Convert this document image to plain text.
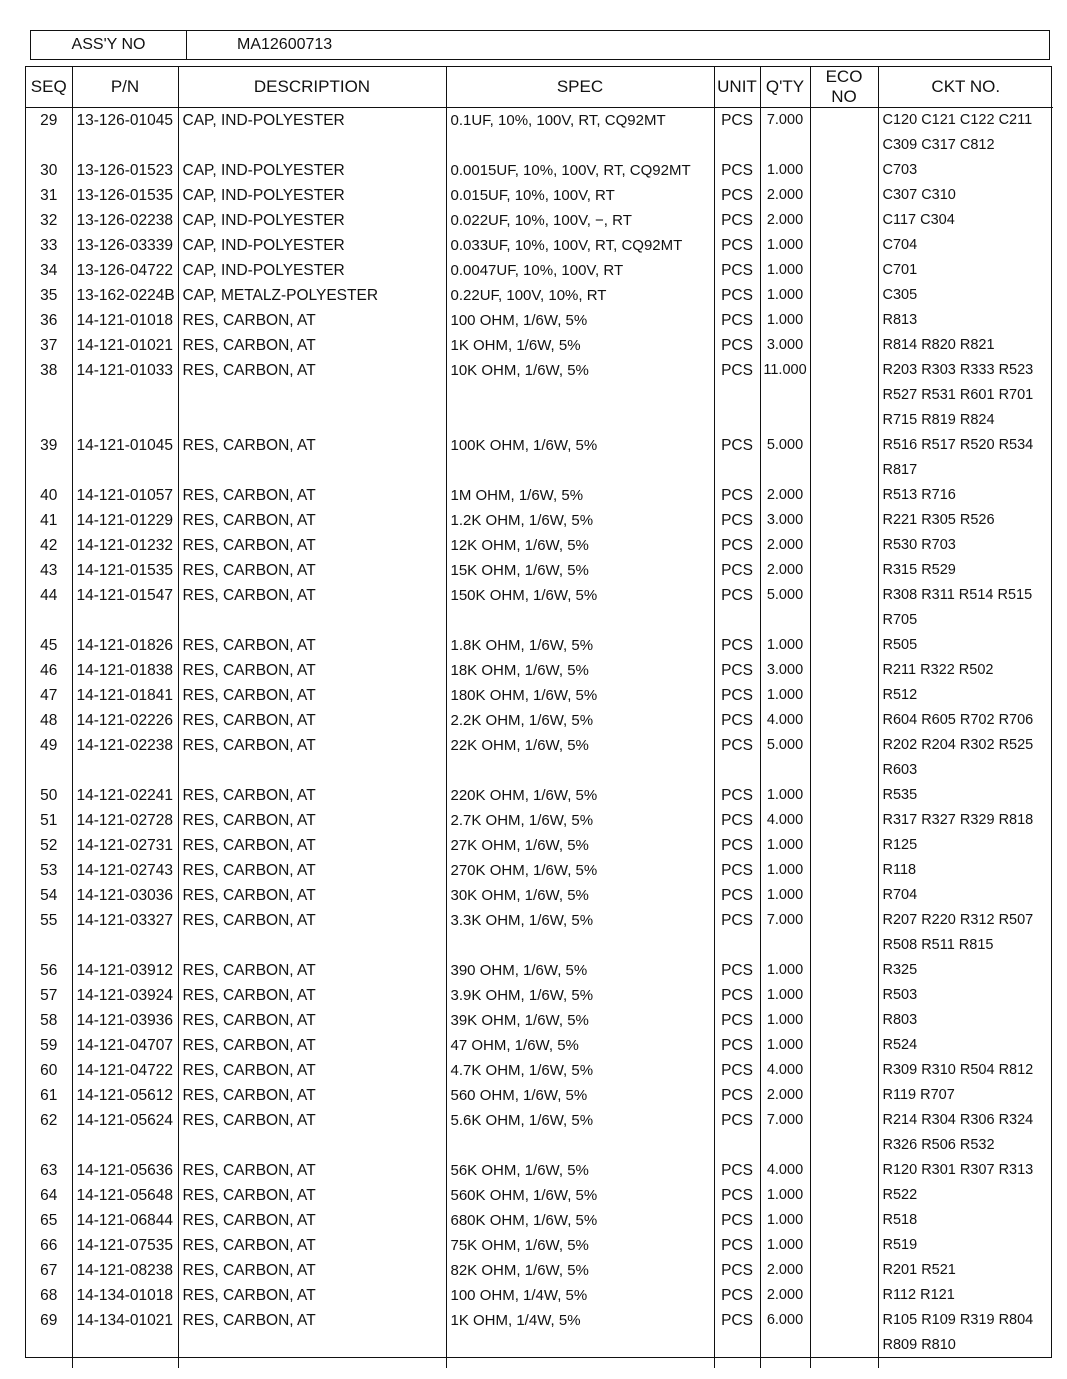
ASS'Y NO	MA12600713
SEQ	P/N	DESCRIPTION	SPEC	UNIT	Q'TY	ECO NO	CKT NO.
29	13-126-01045	CAP, IND-POLYESTER	0.1UF, 10%, 100V, RT, CQ92MT	PCS	7.000		C120 C121 C122 C211
							C309 C317 C812
30	13-126-01523	CAP, IND-POLYESTER	0.0015UF, 10%, 100V, RT, CQ92MT	PCS	1.000		C703
31	13-126-01535	CAP, IND-POLYESTER	0.015UF, 10%, 100V, RT	PCS	2.000		C307 C310
32	13-126-02238	CAP, IND-POLYESTER	0.022UF, 10%, 100V, −, RT	PCS	2.000		C117 C304
33	13-126-03339	CAP, IND-POLYESTER	0.033UF, 10%, 100V, RT, CQ92MT	PCS	1.000		C704
34	13-126-04722	CAP, IND-POLYESTER	0.0047UF, 10%, 100V, RT	PCS	1.000		C701
35	13-162-0224B	CAP, METALZ-POLYESTER	0.22UF, 100V, 10%, RT	PCS	1.000		C305
36	14-121-01018	RES, CARBON, AT	100 OHM, 1/6W, 5%	PCS	1.000		R813
37	14-121-01021	RES, CARBON, AT	1K OHM, 1/6W, 5%	PCS	3.000		R814 R820 R821
38	14-121-01033	RES, CARBON, AT	10K OHM, 1/6W, 5%	PCS	11.000		R203 R303 R333 R523
							R527 R531 R601 R701
							R715 R819 R824
39	14-121-01045	RES, CARBON, AT	100K OHM, 1/6W, 5%	PCS	5.000		R516 R517 R520 R534
							R817
40	14-121-01057	RES, CARBON, AT	1M OHM, 1/6W, 5%	PCS	2.000		R513 R716
41	14-121-01229	RES, CARBON, AT	1.2K OHM, 1/6W, 5%	PCS	3.000		R221 R305 R526
42	14-121-01232	RES, CARBON, AT	12K OHM, 1/6W, 5%	PCS	2.000		R530 R703
43	14-121-01535	RES, CARBON, AT	15K OHM, 1/6W, 5%	PCS	2.000		R315 R529
44	14-121-01547	RES, CARBON, AT	150K OHM, 1/6W, 5%	PCS	5.000		R308 R311 R514 R515
							R705
45	14-121-01826	RES, CARBON, AT	1.8K OHM, 1/6W, 5%	PCS	1.000		R505
46	14-121-01838	RES, CARBON, AT	18K OHM, 1/6W, 5%	PCS	3.000		R211 R322 R502
47	14-121-01841	RES, CARBON, AT	180K OHM, 1/6W, 5%	PCS	1.000		R512
48	14-121-02226	RES, CARBON, AT	2.2K OHM, 1/6W, 5%	PCS	4.000		R604 R605 R702 R706
49	14-121-02238	RES, CARBON, AT	22K OHM, 1/6W, 5%	PCS	5.000		R202 R204 R302 R525
							R603
50	14-121-02241	RES, CARBON, AT	220K OHM, 1/6W, 5%	PCS	1.000		R535
51	14-121-02728	RES, CARBON, AT	2.7K OHM, 1/6W, 5%	PCS	4.000		R317 R327 R329 R818
52	14-121-02731	RES, CARBON, AT	27K OHM, 1/6W, 5%	PCS	1.000		R125
53	14-121-02743	RES, CARBON, AT	270K OHM, 1/6W, 5%	PCS	1.000		R118
54	14-121-03036	RES, CARBON, AT	30K OHM, 1/6W, 5%	PCS	1.000		R704
55	14-121-03327	RES, CARBON, AT	3.3K OHM, 1/6W, 5%	PCS	7.000		R207 R220 R312 R507
							R508 R511 R815
56	14-121-03912	RES, CARBON, AT	390 OHM, 1/6W, 5%	PCS	1.000		R325
57	14-121-03924	RES, CARBON, AT	3.9K OHM, 1/6W, 5%	PCS	1.000		R503
58	14-121-03936	RES, CARBON, AT	39K OHM, 1/6W, 5%	PCS	1.000		R803
59	14-121-04707	RES, CARBON, AT	47 OHM, 1/6W, 5%	PCS	1.000		R524
60	14-121-04722	RES, CARBON, AT	4.7K OHM, 1/6W, 5%	PCS	4.000		R309 R310 R504 R812
61	14-121-05612	RES, CARBON, AT	560 OHM, 1/6W, 5%	PCS	2.000		R119 R707
62	14-121-05624	RES, CARBON, AT	5.6K OHM, 1/6W, 5%	PCS	7.000		R214 R304 R306 R324
							R326 R506 R532
63	14-121-05636	RES, CARBON, AT	56K OHM, 1/6W, 5%	PCS	4.000		R120 R301 R307 R313
64	14-121-05648	RES, CARBON, AT	560K OHM, 1/6W, 5%	PCS	1.000		R522
65	14-121-06844	RES, CARBON, AT	680K OHM, 1/6W, 5%	PCS	1.000		R518
66	14-121-07535	RES, CARBON, AT	75K OHM, 1/6W, 5%	PCS	1.000		R519
67	14-121-08238	RES, CARBON, AT	82K OHM, 1/6W, 5%	PCS	2.000		R201 R521
68	14-134-01018	RES, CARBON, AT	100 OHM, 1/4W, 5%	PCS	2.000		R112 R121
69	14-134-01021	RES, CARBON, AT	1K OHM, 1/4W, 5%	PCS	6.000		R105 R109 R319 R804
							R809 R810
